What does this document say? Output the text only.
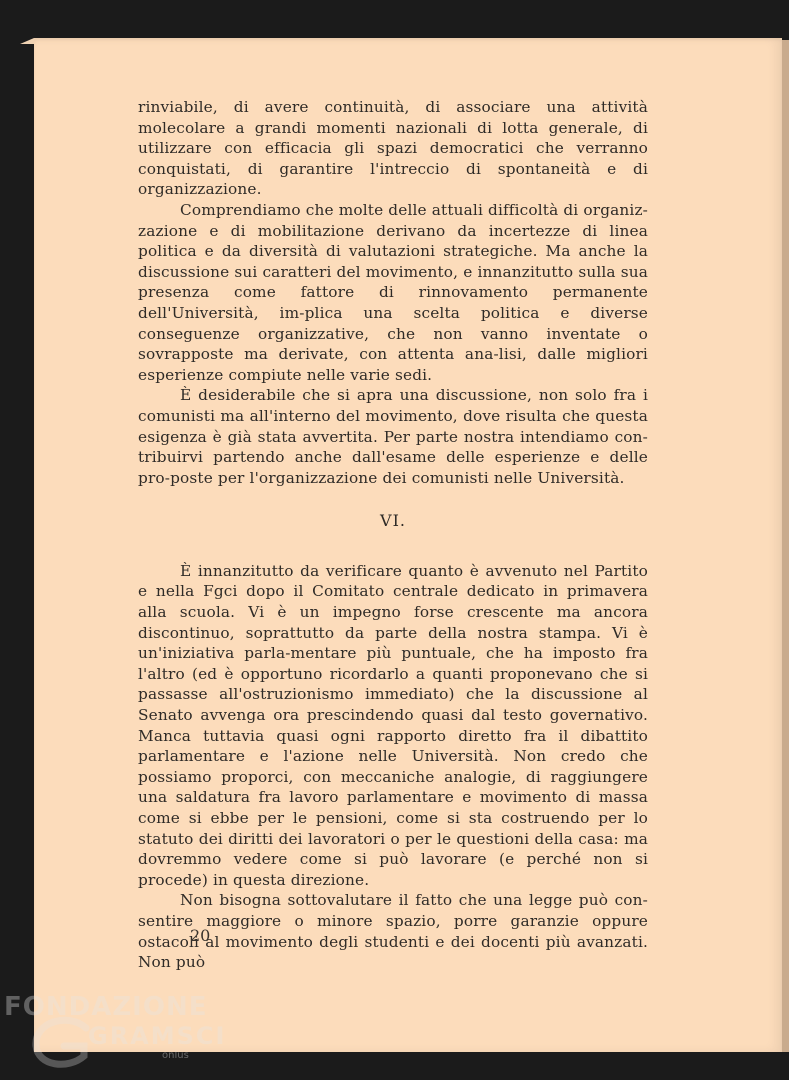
rinviabile, di avere continuità, di associare una attività molecolare a grandi momenti nazionali di lotta generale, di utilizzare con efficacia gli spazi democratici che verranno conquistati, di garantire l'intreccio di spontaneità e di organizzazione.

Comprendiamo che molte delle attuali difficoltà di organiz-zazione e di mobilitazione derivano da incertezze di linea politica e da diversità di valutazioni strategiche. Ma anche la discussione sui caratteri del movimento, e innanzitutto sulla sua presenza come fattore di rinnovamento permanente dell'Università, im-plica una scelta politica e diverse conseguenze organizzative, che non vanno inventate o sovrapposte ma derivate, con attenta ana-lisi, dalle migliori esperienze compiute nelle varie sedi.

È desiderabile che si apra una discussione, non solo fra i comunisti ma all'interno del movimento, dove risulta che questa esigenza è già stata avvertita. Per parte nostra intendiamo con-tribuirvi partendo anche dall'esame delle esperienze e delle pro-poste per l'organizzazione dei comunisti nelle Università.

VI.

È innanzitutto da verificare quanto è avvenuto nel Partito e nella Fgci dopo il Comitato centrale dedicato in primavera alla scuola. Vi è un impegno forse crescente ma ancora discontinuo, soprattutto da parte della nostra stampa. Vi è un'iniziativa parla-mentare più puntuale, che ha imposto fra l'altro (ed è opportuno ricordarlo a quanti proponevano che si passasse all'ostruzionismo immediato) che la discussione al Senato avvenga ora prescindendo quasi dal testo governativo. Manca tuttavia quasi ogni rapporto diretto fra il dibattito parlamentare e l'azione nelle Università. Non credo che possiamo proporci, con meccaniche analogie, di raggiungere una saldatura fra lavoro parlamentare e movimento di massa come si ebbe per le pensioni, come si sta costruendo per lo statuto dei diritti dei lavoratori o per le questioni della casa: ma dovremmo vedere come si può lavorare (e perché non si procede) in questa direzione.

Non bisogna sottovalutare il fatto che una legge può con-sentire maggiore o minore spazio, porre garanzie oppure ostacoli al movimento degli studenti e dei docenti più avanzati. Non può

20
FONDAZIONE
GRAMSCI
onlus
